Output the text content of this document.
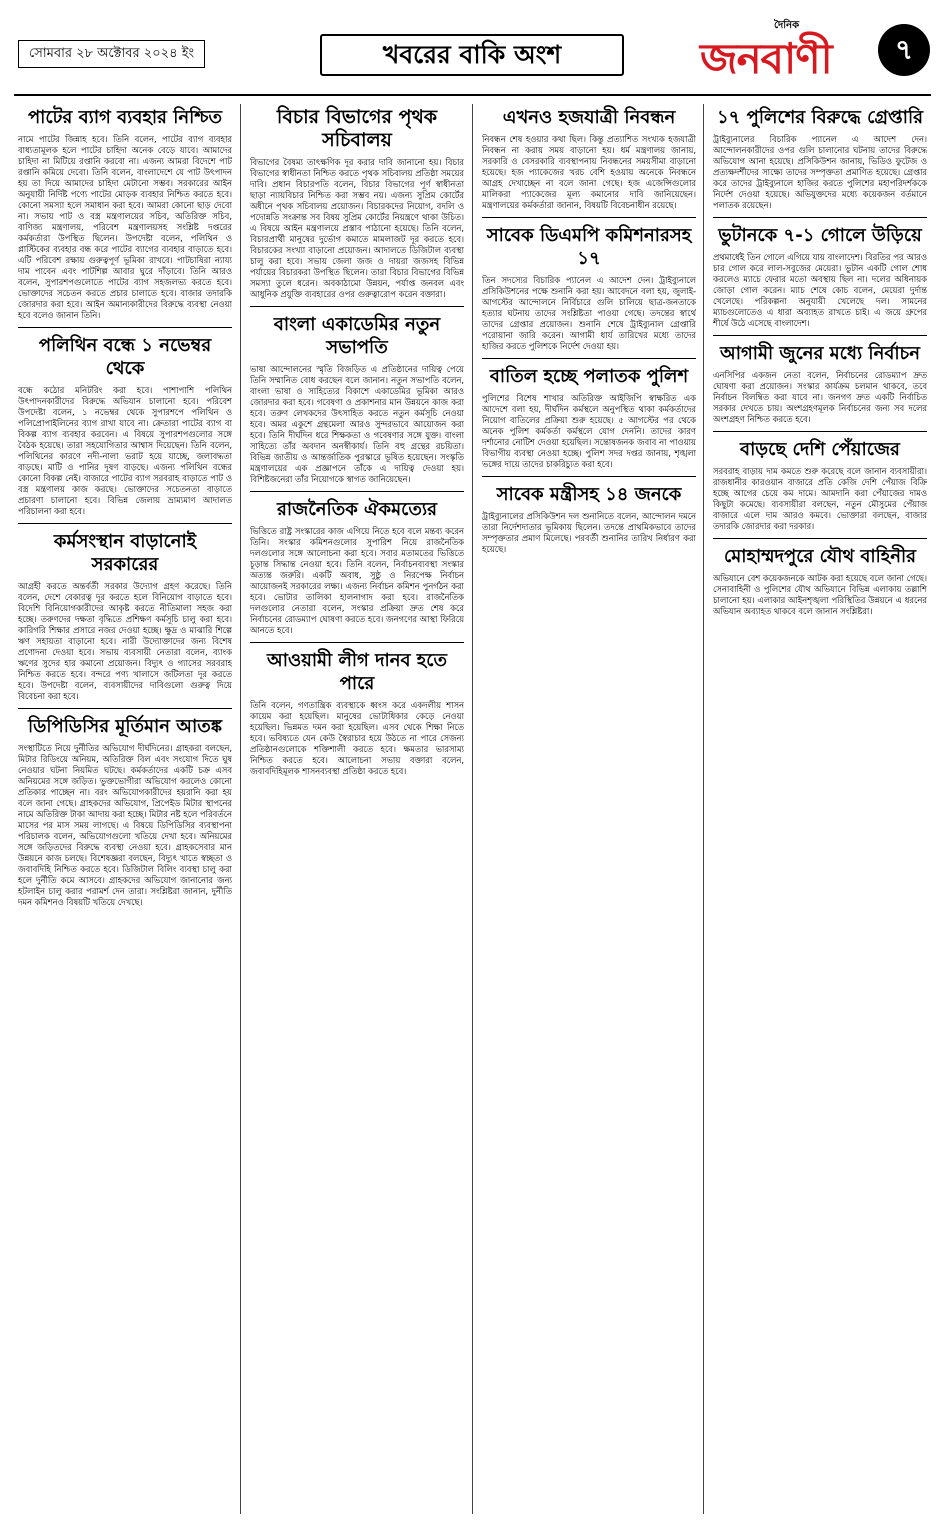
সোমবার ২৮ অক্টোবর ২০২৪ ইং	খবরের বাকি অংশ
দৈনিক
জনবাণী	৭
পাটের ব্যাগ ব্যবহার নিশ্চিত
নামে পাটের জিন্নাহ হবে। তিনি বলেন, পাটের ব্যাগ ব্যবহার বাধ্যতামূলক হলে পাটের চাহিদা অনেক বেড়ে যাবে। আমাদের চাহিদা না মিটিয়ে রপ্তানি করবো না। এজন্য আমরা বিদেশে পাট রপ্তানি কমিয়ে দেবো। তিনি বলেন, বাংলাদেশে যে পাট উৎপাদন হয় তা দিয়ে আমাদের চাহিদা মেটানো সম্ভব। সরকারের আইন অনুযায়ী নির্দিষ্ট পণ্যে পাটের মোড়ক ব্যবহার নিশ্চিত করতে হবে। কোনো সমস্যা হলে সমাধান করা হবে। আমরা কোনো ছাড় দেবো না। সভায় পাট ও বস্ত্র মন্ত্রণালয়ের সচিব, অতিরিক্ত সচিব, বাণিজ্য মন্ত্রণালয়, পরিবেশ মন্ত্রণালয়সহ সংশ্লিষ্ট দপ্তরের কর্মকর্তারা উপস্থিত ছিলেন। উপদেষ্টা বলেন, পলিথিন ও প্লাস্টিকের ব্যবহার বন্ধ করে পাটের ব্যাগের ব্যবহার বাড়াতে হবে। এটি পরিবেশ রক্ষায় গুরুত্বপূর্ণ ভূমিকা রাখবে। পাটচাষিরা ন্যায্য দাম পাবেন এবং পাটশিল্প আবার ঘুরে দাঁড়াবে। তিনি আরও বলেন, সুপারশপগুলোতে পাটের ব্যাগ সহজলভ্য করতে হবে। ভোক্তাদের সচেতন করতে প্রচার চালাতে হবে। বাজার তদারকি জোরদার করা হবে। আইন অমান্যকারীদের বিরুদ্ধে ব্যবস্থা নেওয়া হবে বলেও জানান তিনি।
পলিথিন বন্ধে ১ নভেম্বর থেকে
বন্ধে কঠোর মনিটরিং করা হবে। পাশাপাশি পলিথিন উৎপাদনকারীদের বিরুদ্ধে অভিযান চালানো হবে। পরিবেশ উপদেষ্টা বলেন, ১ নভেম্বর থেকে সুপারশপে পলিথিন ও পলিপ্রোপাইলিনের ব্যাগ রাখা যাবে না। ক্রেতারা পাটের ব্যাগ বা বিকল্প ব্যাগ ব্যবহার করবেন। এ বিষয়ে সুপারশপগুলোর সঙ্গে বৈঠক হয়েছে। তারা সহযোগিতার আশ্বাস দিয়েছেন। তিনি বলেন, পলিথিনের কারণে নদী-নালা ভরাট হয়ে যাচ্ছে, জলাবদ্ধতা বাড়ছে। মাটি ও পানির দূষণ বাড়ছে। এজন্য পলিথিন বন্ধের কোনো বিকল্প নেই। বাজারে পাটের ব্যাগ সরবরাহ বাড়াতে পাট ও বস্ত্র মন্ত্রণালয় কাজ করছে। ভোক্তাদের সচেতনতা বাড়াতে প্রচারণা চালানো হবে। বিভিন্ন জেলায় ভ্রাম্যমাণ আদালত পরিচালনা করা হবে।
কর্মসংস্থান বাড়ানোই সরকারের
আগ্রহী করতে অন্তর্বর্তী সরকার উদ্যোগ গ্রহণ করেছে। তিনি বলেন, দেশে বেকারত্ব দূর করতে হলে বিনিয়োগ বাড়াতে হবে। বিদেশি বিনিয়োগকারীদের আকৃষ্ট করতে নীতিমালা সহজ করা হচ্ছে। তরুণদের দক্ষতা বৃদ্ধিতে প্রশিক্ষণ কর্মসূচি চালু করা হবে। কারিগরি শিক্ষার প্রসারে নজর দেওয়া হচ্ছে। ক্ষুদ্র ও মাঝারি শিল্পে ঋণ সহায়তা বাড়ানো হবে। নারী উদ্যোক্তাদের জন্য বিশেষ প্রণোদনা দেওয়া হবে। সভায় ব্যবসায়ী নেতারা বলেন, ব্যাংক ঋণের সুদের হার কমানো প্রয়োজন। বিদ্যুৎ ও গ্যাসের সরবরাহ নিশ্চিত করতে হবে। বন্দরে পণ্য খালাসে জটিলতা দূর করতে হবে। উপদেষ্টা বলেন, ব্যবসায়ীদের দাবিগুলো গুরুত্ব দিয়ে বিবেচনা করা হবে।
ডিপিডিসির মূর্তিমান আতঙ্ক
সংস্থাটিতে নিয়ে দুর্নীতির অভিযোগ দীর্ঘদিনের। গ্রাহকরা বলছেন, মিটার রিডিংয়ে অনিয়ম, অতিরিক্ত বিল এবং সংযোগ দিতে ঘুষ নেওয়ার ঘটনা নিয়মিত ঘটছে। কর্মকর্তাদের একটি চক্র এসব অনিয়মের সঙ্গে জড়িত। ভুক্তভোগীরা অভিযোগ করলেও কোনো প্রতিকার পাচ্ছেন না। বরং অভিযোগকারীদের হয়রানি করা হয় বলে জানা গেছে। গ্রাহকদের অভিযোগ, প্রিপেইড মিটার স্থাপনের নামে অতিরিক্ত টাকা আদায় করা হচ্ছে। মিটার নষ্ট হলে পরিবর্তনে মাসের পর মাস সময় লাগছে। এ বিষয়ে ডিপিডিসির ব্যবস্থাপনা পরিচালক বলেন, অভিযোগগুলো খতিয়ে দেখা হবে। অনিয়মের সঙ্গে জড়িতদের বিরুদ্ধে ব্যবস্থা নেওয়া হবে। গ্রাহকসেবার মান উন্নয়নে কাজ চলছে। বিশেষজ্ঞরা বলছেন, বিদ্যুৎ খাতে স্বচ্ছতা ও জবাবদিহি নিশ্চিত করতে হবে। ডিজিটাল বিলিং ব্যবস্থা চালু করা হলে দুর্নীতি কমে আসবে। গ্রাহকদের অভিযোগ জানানোর জন্য হটলাইন চালু করার পরামর্শ দেন তারা। সংশ্লিষ্টরা জানান, দুর্নীতি দমন কমিশনও বিষয়টি খতিয়ে দেখছে।
বিচার বিভাগের পৃথক সচিবালয়
বিভাগের বৈষম্য তাৎক্ষণিক দূর করার দাবি জানানো হয়। বিচার বিভাগের স্বাধীনতা নিশ্চিত করতে পৃথক সচিবালয় প্রতিষ্ঠা সময়ের দাবি। প্রধান বিচারপতি বলেন, বিচার বিভাগের পূর্ণ স্বাধীনতা ছাড়া ন্যায়বিচার নিশ্চিত করা সম্ভব নয়। এজন্য সুপ্রিম কোর্টের অধীনে পৃথক সচিবালয় প্রয়োজন। বিচারকদের নিয়োগ, বদলি ও পদোন্নতি সংক্রান্ত সব বিষয় সুপ্রিম কোর্টের নিয়ন্ত্রণে থাকা উচিত। এ বিষয়ে আইন মন্ত্রণালয়ে প্রস্তাব পাঠানো হয়েছে। তিনি বলেন, বিচারপ্রার্থী মানুষের দুর্ভোগ কমাতে মামলাজট দূর করতে হবে। বিচারকের সংখ্যা বাড়ানো প্রয়োজন। আদালতে ডিজিটাল ব্যবস্থা চালু করা হবে। সভায় জেলা জজ ও দায়রা জজসহ বিভিন্ন পর্যায়ের বিচারকরা উপস্থিত ছিলেন। তারা বিচার বিভাগের বিভিন্ন সমস্যা তুলে ধরেন। অবকাঠামো উন্নয়ন, পর্যাপ্ত জনবল এবং আধুনিক প্রযুক্তি ব্যবহারের ওপর গুরুত্বারোপ করেন বক্তারা।
বাংলা একাডেমির নতুন সভাপতি
ভাষা আন্দোলনের স্মৃতি বিজড়িত এ প্রতিষ্ঠানের দায়িত্ব পেয়ে তিনি সম্মানিত বোধ করছেন বলে জানান। নতুন সভাপতি বলেন, বাংলা ভাষা ও সাহিত্যের বিকাশে একাডেমির ভূমিকা আরও জোরদার করা হবে। গবেষণা ও প্রকাশনার মান উন্নয়নে কাজ করা হবে। তরুণ লেখকদের উৎসাহিত করতে নতুন কর্মসূচি নেওয়া হবে। অমর একুশে গ্রন্থমেলা আরও সুন্দরভাবে আয়োজন করা হবে। তিনি দীর্ঘদিন ধরে শিক্ষকতা ও গবেষণার সঙ্গে যুক্ত। বাংলা সাহিত্যে তাঁর অবদান অনস্বীকার্য। তিনি বহু গ্রন্থের রচয়িতা। বিভিন্ন জাতীয় ও আন্তর্জাতিক পুরস্কারে ভূষিত হয়েছেন। সংস্কৃতি মন্ত্রণালয়ের এক প্রজ্ঞাপনে তাঁকে এ দায়িত্ব দেওয়া হয়। বিশিষ্টজনেরা তাঁর নিয়োগকে স্বাগত জানিয়েছেন।
রাজনৈতিক ঐকমত্যের
ভিত্তিতে রাষ্ট্র সংস্কারের কাজ এগিয়ে নিতে হবে বলে মন্তব্য করেন তিনি। সংস্কার কমিশনগুলোর সুপারিশ নিয়ে রাজনৈতিক দলগুলোর সঙ্গে আলোচনা করা হবে। সবার মতামতের ভিত্তিতে চূড়ান্ত সিদ্ধান্ত নেওয়া হবে। তিনি বলেন, নির্বাচনব্যবস্থা সংস্কার অত্যন্ত জরুরি। একটি অবাধ, সুষ্ঠু ও নিরপেক্ষ নির্বাচন আয়োজনই সরকারের লক্ষ্য। এজন্য নির্বাচন কমিশন পুনর্গঠন করা হবে। ভোটার তালিকা হালনাগাদ করা হবে। রাজনৈতিক দলগুলোর নেতারা বলেন, সংস্কার প্রক্রিয়া দ্রুত শেষ করে নির্বাচনের রোডম্যাপ ঘোষণা করতে হবে। জনগণের আস্থা ফিরিয়ে আনতে হবে।
আওয়ামী লীগ দানব হতে পারে
তিনি বলেন, গণতান্ত্রিক ব্যবস্থাকে ধ্বংস করে একদলীয় শাসন কায়েম করা হয়েছিল। মানুষের ভোটাধিকার কেড়ে নেওয়া হয়েছিল। ভিন্নমত দমন করা হয়েছিল। এসব থেকে শিক্ষা নিতে হবে। ভবিষ্যতে যেন কেউ স্বৈরাচার হয়ে উঠতে না পারে সেজন্য প্রতিষ্ঠানগুলোকে শক্তিশালী করতে হবে। ক্ষমতার ভারসাম্য নিশ্চিত করতে হবে। আলোচনা সভায় বক্তারা বলেন, জবাবদিহিমূলক শাসনব্যবস্থা প্রতিষ্ঠা করতে হবে।
এখনও হজযাত্রী নিবন্ধন
নিবন্ধন শেষ হওয়ার কথা ছিল। কিন্তু প্রত্যাশিত সংখ্যক হজযাত্রী নিবন্ধন না করায় সময় বাড়ানো হয়। ধর্ম মন্ত্রণালয় জানায়, সরকারি ও বেসরকারি ব্যবস্থাপনায় নিবন্ধনের সময়সীমা বাড়ানো হয়েছে। হজ প্যাকেজের খরচ বেশি হওয়ায় অনেকে নিবন্ধনে আগ্রহ দেখাচ্ছেন না বলে জানা গেছে। হজ এজেন্সিগুলোর মালিকরা প্যাকেজের মূল্য কমানোর দাবি জানিয়েছেন। মন্ত্রণালয়ের কর্মকর্তারা জানান, বিষয়টি বিবেচনাধীন রয়েছে।
সাবেক ডিএমপি কমিশনারসহ ১৭
তিন সদস্যের বিচারিক প্যানেল এ আদেশ দেন। ট্রাইব্যুনালে প্রসিকিউশনের পক্ষে শুনানি করা হয়। আবেদনে বলা হয়, জুলাই-আগস্টের আন্দোলনে নির্বিচারে গুলি চালিয়ে ছাত্র-জনতাকে হত্যার ঘটনায় তাদের সংশ্লিষ্টতা পাওয়া গেছে। তদন্তের স্বার্থে তাদের গ্রেপ্তার প্রয়োজন। শুনানি শেষে ট্রাইব্যুনাল গ্রেপ্তারি পরোয়ানা জারি করেন। আগামী ধার্য তারিখের মধ্যে তাদের হাজির করতে পুলিশকে নির্দেশ দেওয়া হয়।
বাতিল হচ্ছে পলাতক পুলিশ
পুলিশের বিশেষ শাখার অতিরিক্ত আইজিপি স্বাক্ষরিত এক আদেশে বলা হয়, দীর্ঘদিন কর্মস্থলে অনুপস্থিত থাকা কর্মকর্তাদের নিয়োগ বাতিলের প্রক্রিয়া শুরু হয়েছে। ৫ আগস্টের পর থেকে অনেক পুলিশ কর্মকর্তা কর্মস্থলে যোগ দেননি। তাদের কারণ দর্শানোর নোটিশ দেওয়া হয়েছিল। সন্তোষজনক জবাব না পাওয়ায় বিভাগীয় ব্যবস্থা নেওয়া হচ্ছে। পুলিশ সদর দপ্তর জানায়, শৃঙ্খলা ভঙ্গের দায়ে তাদের চাকরিচ্যুত করা হবে।
সাবেক মন্ত্রীসহ ১৪ জনকে
ট্রাইব্যুনালের প্রসিকিউশন দল শুনানিতে বলেন, আন্দোলন দমনে তারা নির্দেশদাতার ভূমিকায় ছিলেন। তদন্তে প্রাথমিকভাবে তাদের সম্পৃক্ততার প্রমাণ মিলেছে। পরবর্তী শুনানির তারিখ নির্ধারণ করা হয়েছে।
১৭ পুলিশের বিরুদ্ধে গ্রেপ্তারি
ট্রাইব্যুনালের বিচারিক প্যানেল এ আদেশ দেন। আন্দোলনকারীদের ওপর গুলি চালানোর ঘটনায় তাদের বিরুদ্ধে অভিযোগ আনা হয়েছে। প্রসিকিউশন জানায়, ভিডিও ফুটেজ ও প্রত্যক্ষদর্শীদের সাক্ষ্যে তাদের সম্পৃক্ততা প্রমাণিত হয়েছে। গ্রেপ্তার করে তাদের ট্রাইব্যুনালে হাজির করতে পুলিশের মহাপরিদর্শককে নির্দেশ দেওয়া হয়েছে। অভিযুক্তদের মধ্যে কয়েকজন বর্তমানে পলাতক রয়েছেন।
ভুটানকে ৭-১ গোলে উড়িয়ে
প্রথমার্ধেই তিন গোলে এগিয়ে যায় বাংলাদেশ। বিরতির পর আরও চার গোল করে লাল-সবুজের মেয়েরা। ভুটান একটি গোল শোধ করলেও ম্যাচে ফেরার মতো অবস্থায় ছিল না। দলের অধিনায়ক জোড়া গোল করেন। ম্যাচ শেষে কোচ বলেন, মেয়েরা দুর্দান্ত খেলেছে। পরিকল্পনা অনুযায়ী খেলেছে দল। সামনের ম্যাচগুলোতেও এ ধারা অব্যাহত রাখতে চাই। এ জয়ে গ্রুপের শীর্ষে উঠে এসেছে বাংলাদেশ।
আগামী জুনের মধ্যে নির্বাচন
এনসিপির একজন নেতা বলেন, নির্বাচনের রোডম্যাপ দ্রুত ঘোষণা করা প্রয়োজন। সংস্কার কার্যক্রম চলমান থাকবে, তবে নির্বাচন বিলম্বিত করা যাবে না। জনগণ দ্রুত একটি নির্বাচিত সরকার দেখতে চায়। অংশগ্রহণমূলক নির্বাচনের জন্য সব দলের অংশগ্রহণ নিশ্চিত করতে হবে।
বাড়ছে দেশি পেঁয়াজের
সরবরাহ বাড়ায় দাম কমতে শুরু করেছে বলে জানান ব্যবসায়ীরা। রাজধানীর কারওয়ান বাজারে প্রতি কেজি দেশি পেঁয়াজ বিক্রি হচ্ছে আগের চেয়ে কম দামে। আমদানি করা পেঁয়াজের দামও কিছুটা কমেছে। ব্যবসায়ীরা বলছেন, নতুন মৌসুমের পেঁয়াজ বাজারে এলে দাম আরও কমবে। ভোক্তারা বলছেন, বাজার তদারকি জোরদার করা দরকার।
মোহাম্মদপুরে যৌথ বাহিনীর
অভিযানে বেশ কয়েকজনকে আটক করা হয়েছে বলে জানা গেছে। সেনাবাহিনী ও পুলিশের যৌথ অভিযানে বিভিন্ন এলাকায় তল্লাশি চালানো হয়। এলাকার আইনশৃঙ্খলা পরিস্থিতির উন্নয়নে এ ধরনের অভিযান অব্যাহত থাকবে বলে জানান সংশ্লিষ্টরা।
